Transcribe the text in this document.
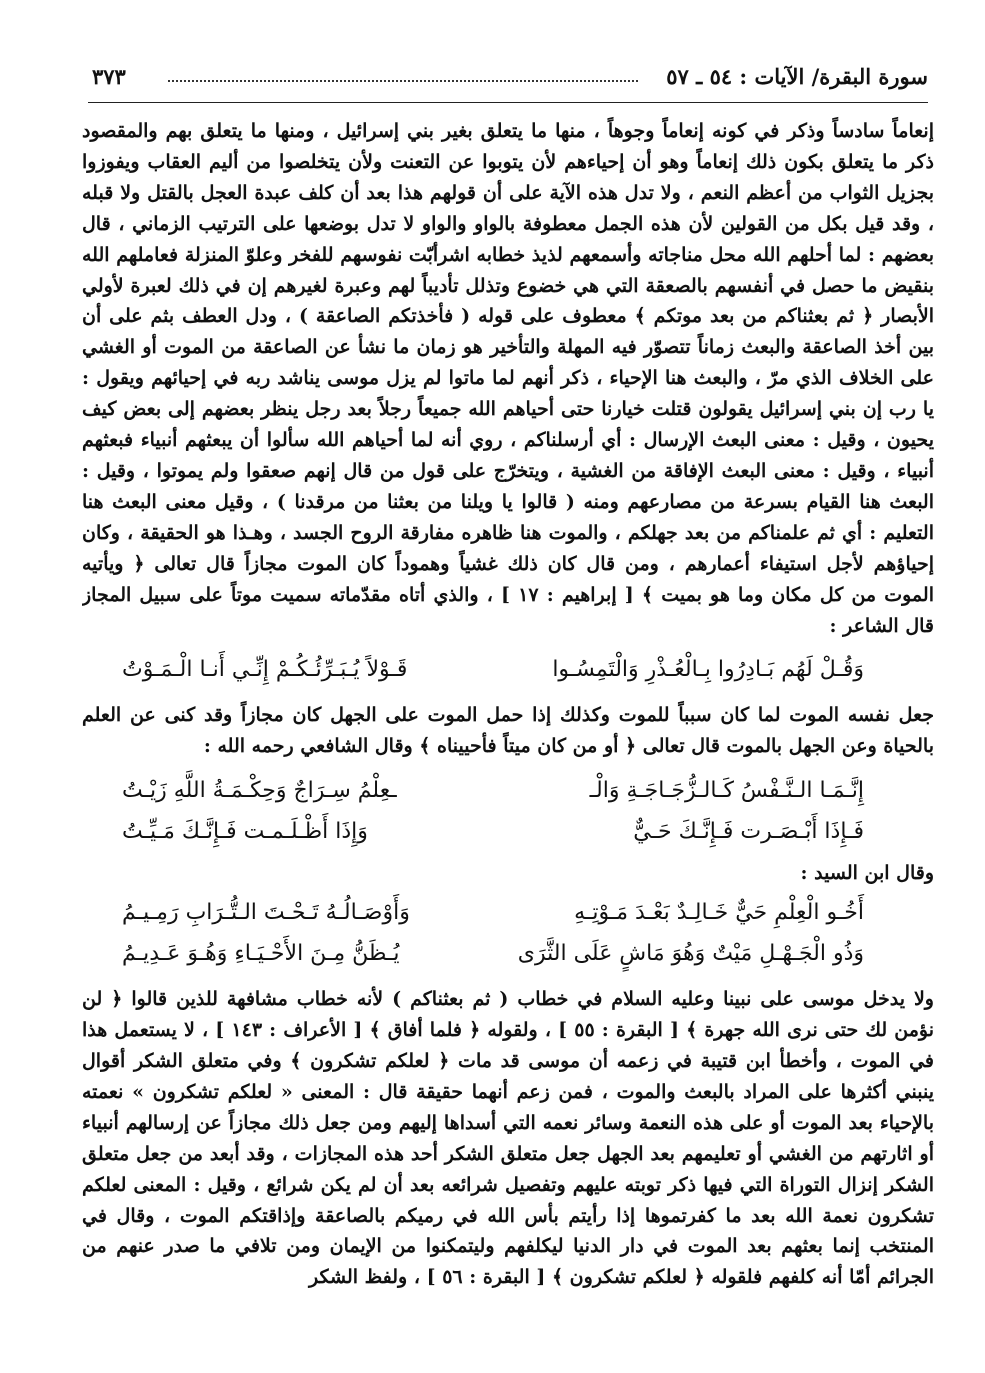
سورة البقرة/ الآيات : ٥٤ ـ ٥٧
٣٧٣

إنعاماً سادساً وذكر في كونه إنعاماً وجوهاً ، منها ما يتعلق بغير بني إسرائيل ، ومنها ما يتعلق بهم والمقصود ذكر ما يتعلق بكون ذلك إنعاماً وهو أن إحياءهم لأن يتوبوا عن التعنت ولأن يتخلصوا من أليم العقاب ويفوزوا بجزيل الثواب من أعظم النعم ، ولا تدل هذه الآية على أن قولهم هذا بعد أن كلف عبدة العجل بالقتل ولا قبله ، وقد قيل بكل من القولين لأن هذه الجمل معطوفة بالواو والواو لا تدل بوضعها على الترتيب الزماني ، قال بعضهم : لما أحلهم الله محل مناجاته وأسمعهم لذيذ خطابه اشرأبّت نفوسهم للفخر وعلوّ المنزلة فعاملهم الله بنقيض ما حصل في أنفسهم بالصعقة التي هي خضوع وتذلل تأديباً لهم وعبرة لغيرهم إن في ذلك لعبرة لأولي الأبصار ﴿ ثم بعثناكم من بعد موتكم ﴾ معطوف على قوله ( فأخذتكم الصاعقة ) ، ودل العطف بثم على أن بين أخذ الصاعقة والبعث زماناً تتصوّر فيه المهلة والتأخير هو زمان ما نشأ عن الصاعقة من الموت أو الغشي على الخلاف الذي مرّ ، والبعث هنا الإحياء ، ذكر أنهم لما ماتوا لم يزل موسى يناشد ربه في إحيائهم ويقول : يا رب إن بني إسرائيل يقولون قتلت خيارنا حتى أحياهم الله جميعاً رجلاً بعد رجل ينظر بعضهم إلى بعض كيف يحيون ، وقيل : معنى البعث الإرسال : أي أرسلناكم ، روي أنه لما أحياهم الله سألوا أن يبعثهم أنبياء فبعثهم أنبياء ، وقيل : معنى البعث الإفاقة من الغشية ، ويتخرّج على قول من قال إنهم صعقوا ولم يموتوا ، وقيل : البعث هنا القيام بسرعة من مصارعهم ومنه ( قالوا يا ويلنا من بعثنا من مرقدنا ) ، وقيل معنى البعث هنا التعليم : أي ثم علمناكم من بعد جهلكم ، والموت هنا ظاهره مفارقة الروح الجسد ، وهـذا هو الحقيقة ، وكان إحياؤهم لأجل استيفاء أعمارهم ، ومن قال كان ذلك غشياً وهموداً كان الموت مجازاً قال تعالى ﴿ ويأتيه الموت من كل مكان وما هو بميت ﴾ [ إبراهيم : ١٧ ] ، والذي أتاه مقدّماته سميت موتاً على سبيل المجاز قال الشاعر :

وَقُـلْ لَهُم بَـادِرُوا بِـالْعُـذْرِ وَالْتَمِسُـوا
قَـوْلاً يُـبَـرِّئُـكُـمْ إِنِّـي أَنـا الْـمَـوْتُ

جعل نفسه الموت لما كان سبباً للموت وكذلك إذا حمل الموت على الجهل كان مجازاً وقد كنى عن العلم بالحياة وعن الجهل بالموت قال تعالى ﴿ أو من كان ميتاً فأحييناه ﴾ وقال الشافعي رحمه الله :

إِنَّـمَـا الـنَّـفْسُ كَـالـزُّجَـاجَـةِ وَالْـ
ـعِلْمُ سِـرَاجٌ وَحِكْـمَـةُ اللَّهِ زَيْـتُ
فَـإِذَا أَبْـصَـرت فَـإِنَّـكَ حَـيٌّ
وَإِذَا أَظْـلَـمـت فَـإِنَّـكَ مَـيِّـتُ
وقال ابن السيد :
أَخُـو الْعِلْمِ حَيٌّ خَـالِـدٌ بَعْـدَ مَـوْتِـهِ
وَأَوْصَـالُـهُ تَـحْـتَ الـتُّـرَابِ رَمِـيـمُ
وَذُو الْجَـهْـلِ مَيْتٌ وَهُوَ مَاشٍ عَلَى الثَّرَى
يُـظَنُّ مِـنَ الأَحْـيَـاءِ وَهُـوَ عَـدِيـمُ

ولا يدخل موسى على نبينا وعليه السلام في خطاب ( ثم بعثناكم ) لأنه خطاب مشافهة للذين قالوا ﴿ لن نؤمن لك حتى نرى الله جهرة ﴾ [ البقرة : ٥٥ ] ، ولقوله ﴿ فلما أفاق ﴾ [ الأعراف : ١٤٣ ] ، لا يستعمل هذا في الموت ، وأخطأ ابن قتيبة في زعمه أن موسى قد مات ﴿ لعلكم تشكرون ﴾ وفي متعلق الشكر أقوال ينبني أكثرها على المراد بالبعث والموت ، فمن زعم أنهما حقيقة قال : المعنى « لعلكم تشكرون » نعمته بالإحياء بعد الموت أو على هذه النعمة وسائر نعمه التي أسداها إليهم ومن جعل ذلك مجازاً عن إرسالهم أنبياء أو اثارتهم من الغشي أو تعليمهم بعد الجهل جعل متعلق الشكر أحد هذه المجازات ، وقد أبعد من جعل متعلق الشكر إنزال التوراة التي فيها ذكر توبته عليهم وتفصيل شرائعه بعد أن لم يكن شرائع ، وقيل : المعنى لعلكم تشكرون نعمة الله بعد ما كفرتموها إذا رأيتم بأس الله في رميكم بالصاعقة وإذاقتكم الموت ، وقال في المنتخب إنما بعثهم بعد الموت في دار الدنيا ليكلفهم وليتمكنوا من الإيمان ومن تلافي ما صدر عنهم من الجرائم أمّا أنه كلفهم فلقوله ﴿ لعلكم تشكرون ﴾ [ البقرة : ٥٦ ] ، ولفظ الشكر
